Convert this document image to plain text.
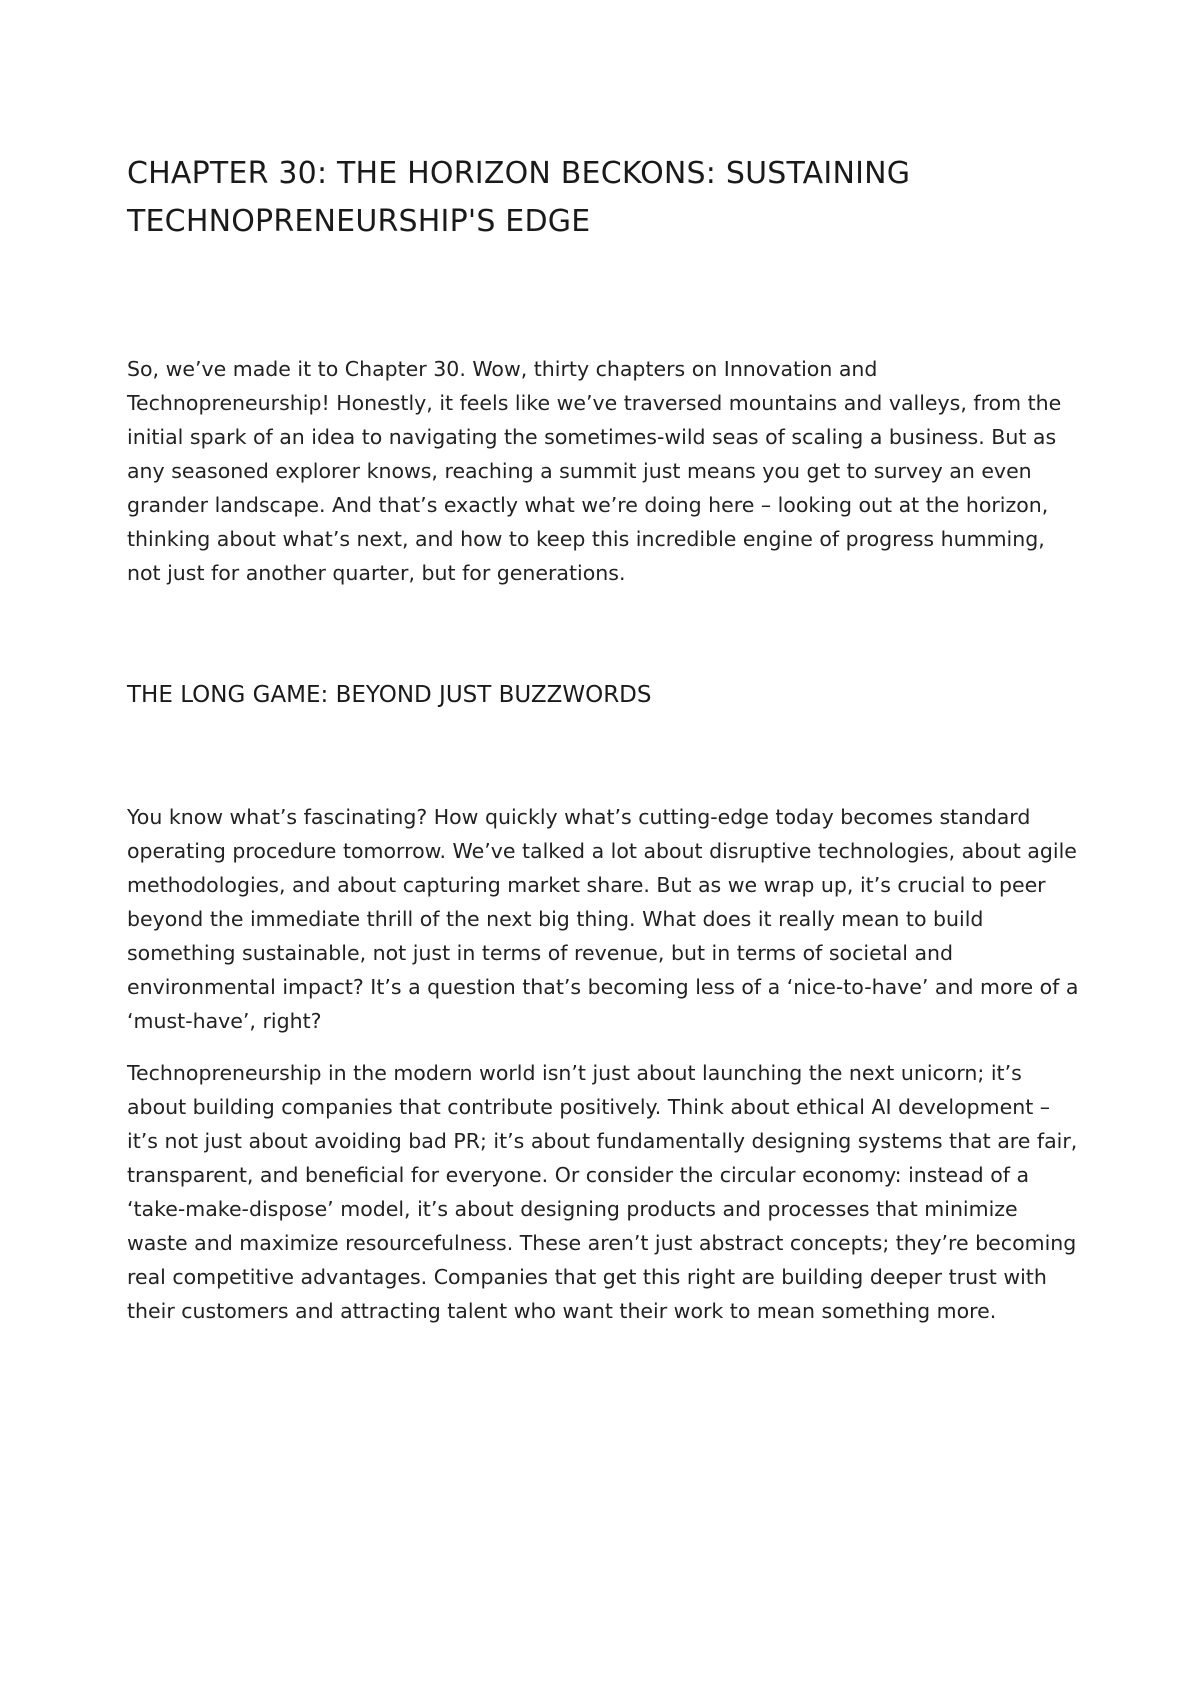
CHAPTER 30: THE HORIZON BECKONS: SUSTAINING TECHNOPRENEURSHIP'S EDGE

So, we’ve made it to Chapter 30. Wow, thirty chapters on Innovation and Technopreneurship! Honestly, it feels like we’ve traversed mountains and valleys, from the initial spark of an idea to navigating the sometimes-wild seas of scaling a business. But as any seasoned explorer knows, reaching a summit just means you get to survey an even grander landscape. And that’s exactly what we’re doing here – looking out at the horizon, thinking about what’s next, and how to keep this incredible engine of progress humming, not just for another quarter, but for generations.

THE LONG GAME: BEYOND JUST BUZZWORDS

You know what’s fascinating? How quickly what’s cutting-edge today becomes standard operating procedure tomorrow. We’ve talked a lot about disruptive technologies, about agile methodologies, and about capturing market share. But as we wrap up, it’s crucial to peer beyond the immediate thrill of the next big thing. What does it really mean to build something sustainable, not just in terms of revenue, but in terms of societal and environmental impact? It’s a question that’s becoming less of a ‘nice-to-have’ and more of a ‘must-have’, right?

Technopreneurship in the modern world isn’t just about launching the next unicorn; it’s about building companies that contribute positively. Think about ethical AI development – it’s not just about avoiding bad PR; it’s about fundamentally designing systems that are fair, transparent, and beneficial for everyone. Or consider the circular economy: instead of a ‘take-make-dispose’ model, it’s about designing products and processes that minimize waste and maximize resourcefulness. These aren’t just abstract concepts; they’re becoming real competitive advantages. Companies that get this right are building deeper trust with their customers and attracting talent who want their work to mean something more.
